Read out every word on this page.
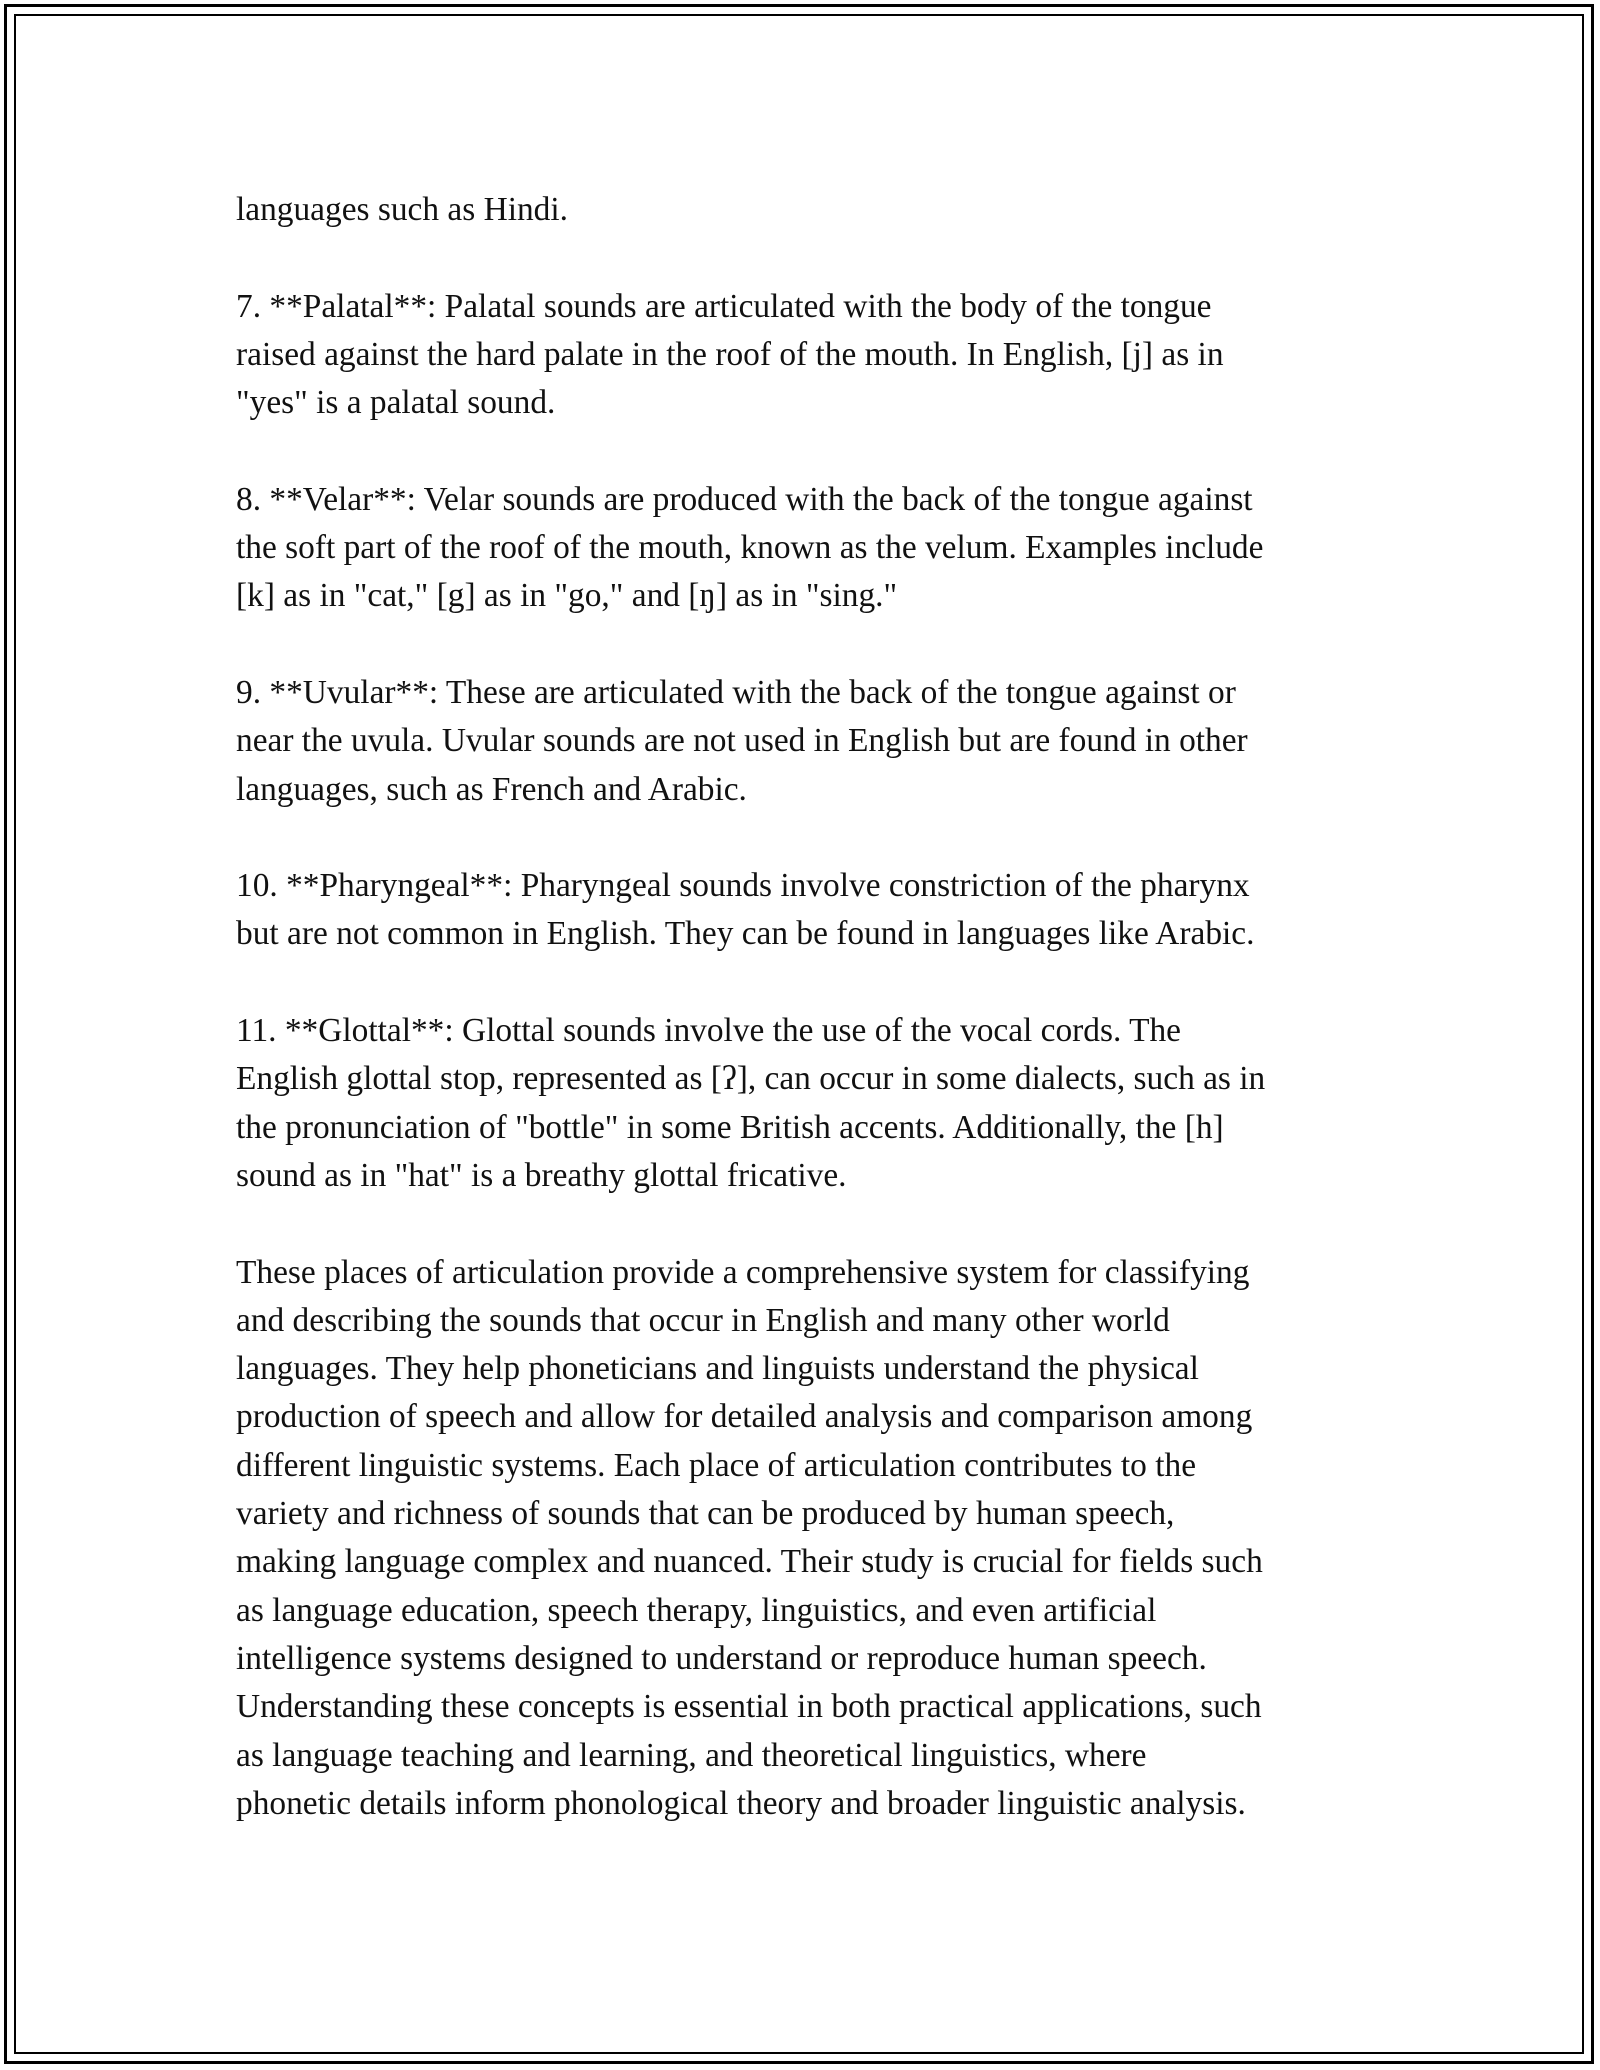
languages such as Hindi.

7. **Palatal**: Palatal sounds are articulated with the body of the tongue
raised against the hard palate in the roof of the mouth. In English, [j] as in
"yes" is a palatal sound.

8. **Velar**: Velar sounds are produced with the back of the tongue against
the soft part of the roof of the mouth, known as the velum. Examples include
[k] as in "cat," [g] as in "go," and [ŋ] as in "sing."

9. **Uvular**: These are articulated with the back of the tongue against or
near the uvula. Uvular sounds are not used in English but are found in other
languages, such as French and Arabic.

10. **Pharyngeal**: Pharyngeal sounds involve constriction of the pharynx
but are not common in English. They can be found in languages like Arabic.

11. **Glottal**: Glottal sounds involve the use of the vocal cords. The
English glottal stop, represented as [ʔ], can occur in some dialects, such as in
the pronunciation of "bottle" in some British accents. Additionally, the [h]
sound as in "hat" is a breathy glottal fricative.

These places of articulation provide a comprehensive system for classifying
and describing the sounds that occur in English and many other world
languages. They help phoneticians and linguists understand the physical
production of speech and allow for detailed analysis and comparison among
different linguistic systems. Each place of articulation contributes to the
variety and richness of sounds that can be produced by human speech,
making language complex and nuanced. Their study is crucial for fields such
as language education, speech therapy, linguistics, and even artificial
intelligence systems designed to understand or reproduce human speech.
Understanding these concepts is essential in both practical applications, such
as language teaching and learning, and theoretical linguistics, where
phonetic details inform phonological theory and broader linguistic analysis.
